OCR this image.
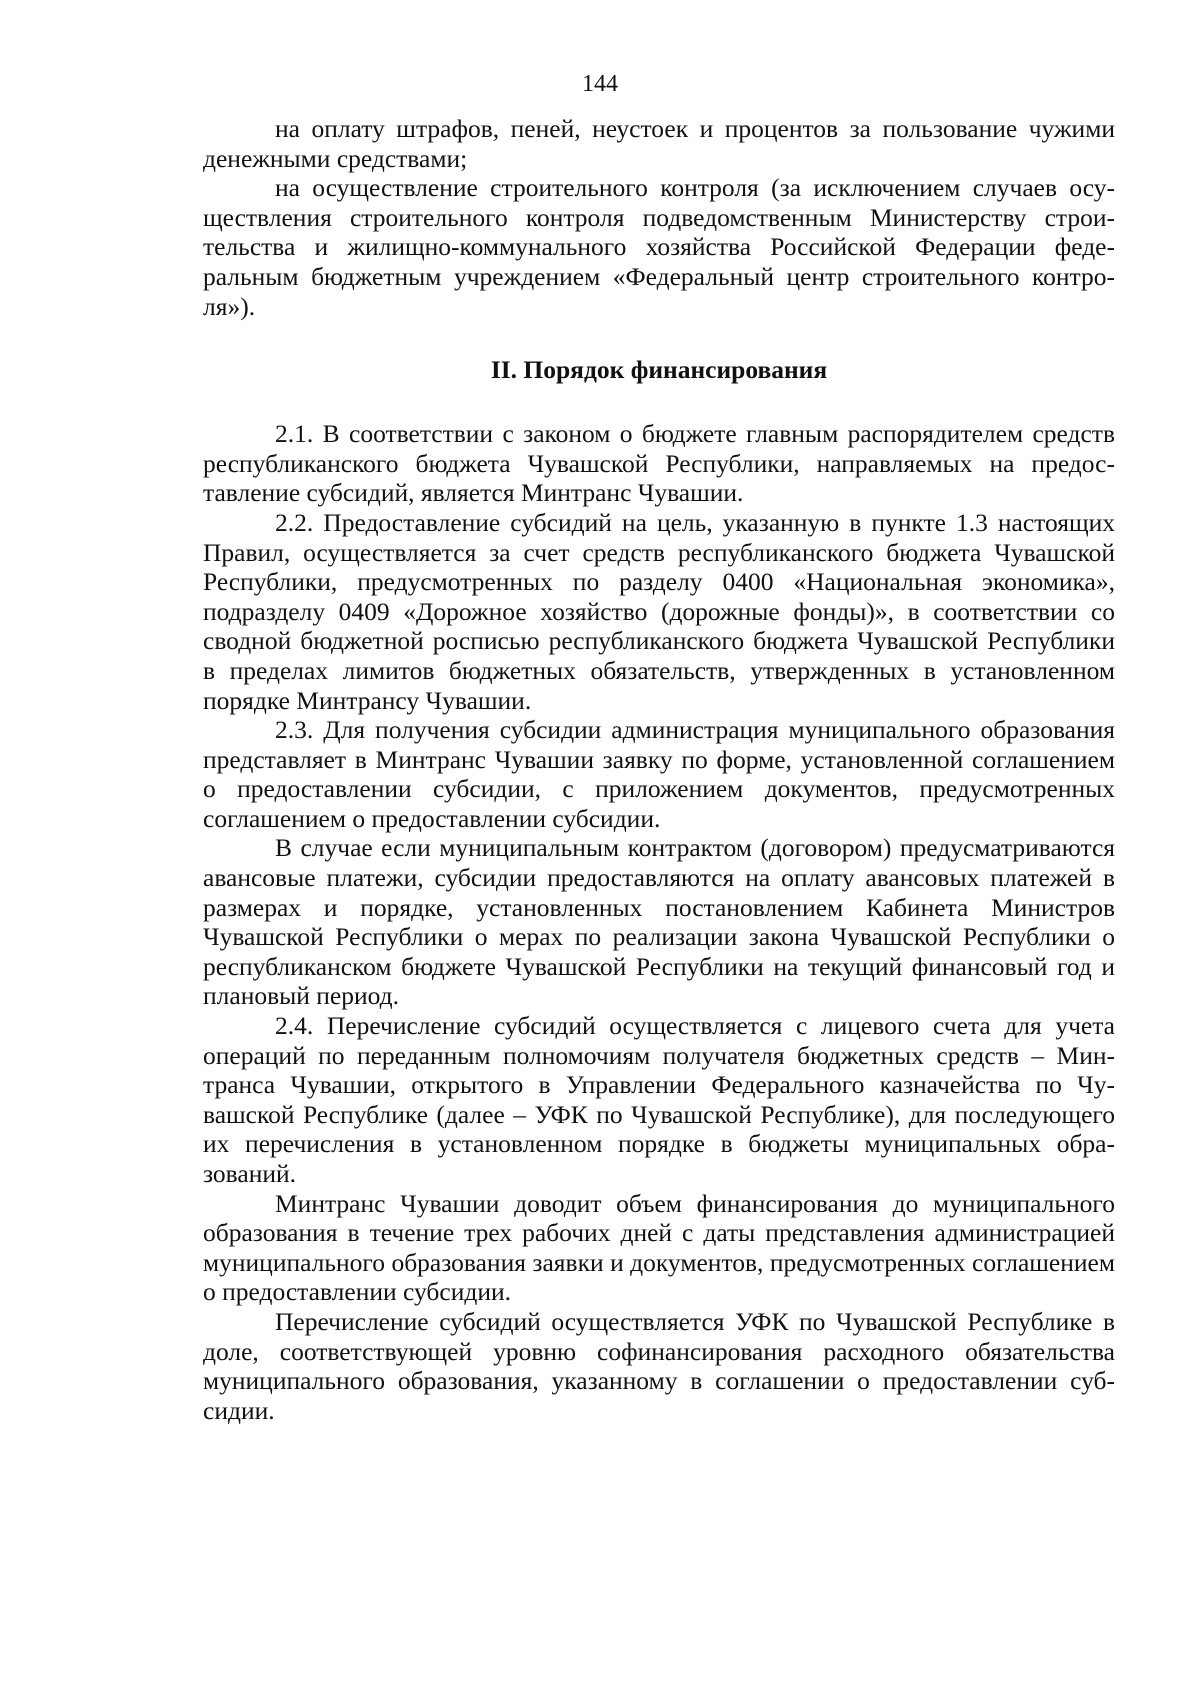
144

на оплату штрафов, пеней, неустоек и процентов за пользование чужими денежными средствами;

на осуществление строительного контроля (за исключением случаев осуществления строительного контроля подведомственным Министерству строительства и жилищно-коммунального хозяйства Российской Федерации федеральным бюджетным учреждением «Федеральный центр строительного контроля»).

II. Порядок финансирования

2.1. В соответствии с законом о бюджете главным распорядителем средств республиканского бюджета Чувашской Республики, направляемых на предоставление субсидий, является Минтранс Чувашии.

2.2. Предоставление субсидий на цель, указанную в пункте 1.3 настоящих Правил, осуществляется за счет средств республиканского бюджета Чувашской Республики, предусмотренных по разделу 0400 «Национальная экономика», подразделу 0409 «Дорожное хозяйство (дорожные фонды)», в соответствии со сводной бюджетной росписью республиканского бюджета Чувашской Республики в пределах лимитов бюджетных обязательств, утвержденных в установленном порядке Минтрансу Чувашии.

2.3. Для получения субсидии администрация муниципального образования представляет в Минтранс Чувашии заявку по форме, установленной соглашением о предоставлении субсидии, с приложением документов, предусмотренных соглашением о предоставлении субсидии.

В случае если муниципальным контрактом (договором) предусматриваются авансовые платежи, субсидии предоставляются на оплату авансовых платежей в размерах и порядке, установленных постановлением Кабинета Министров Чувашской Республики о мерах по реализации закона Чувашской Республики о республиканском бюджете Чувашской Республики на текущий финансовый год и плановый период.

2.4. Перечисление субсидий осуществляется с лицевого счета для учета операций по переданным полномочиям получателя бюджетных средств – Минтранса Чувашии, открытого в Управлении Федерального казначейства по Чувашской Республике (далее – УФК по Чувашской Республике), для последующего их перечисления в установленном порядке в бюджеты муниципальных образований.

Минтранс Чувашии доводит объем финансирования до муниципального образования в течение трех рабочих дней с даты представления администрацией муниципального образования заявки и документов, предусмотренных соглашением о предоставлении субсидии.

Перечисление субсидий осуществляется УФК по Чувашской Республике в доле, соответствующей уровню софинансирования расходного обязательства муниципального образования, указанному в соглашении о предоставлении субсидии.
